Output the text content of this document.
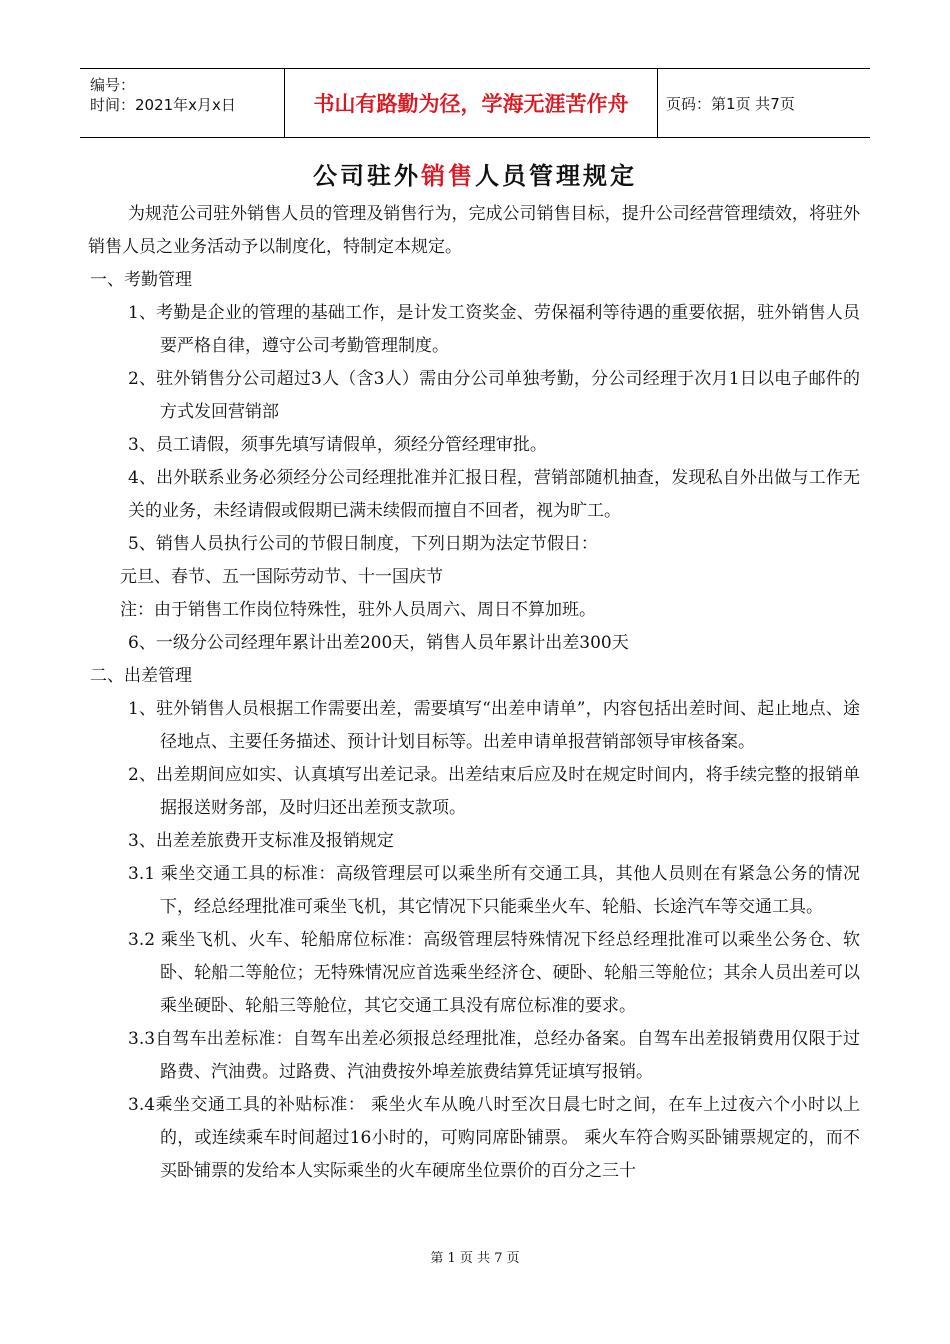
编号：
时间：2021年x月x日	书山有路勤为径，学海无涯苦作舟	页码：第1页 共7页
公司驻外销售人员管理规定

为规范公司驻外销售人员的管理及销售行为，完成公司销售目标，提升公司经营管理绩效，将驻外销售人员之业务活动予以制度化，特制定本规定。

一、考勤管理

1、考勤是企业的管理的基础工作，是计发工资奖金、劳保福利等待遇的重要依据，驻外销售人员要严格自律，遵守公司考勤管理制度。

2、驻外销售分公司超过3人（含3人）需由分公司单独考勤，分公司经理于次月1日以电子邮件的方式发回营销部

3、员工请假，须事先填写请假单，须经分管经理审批。

4、出外联系业务必须经分公司经理批准并汇报日程，营销部随机抽查，发现私自外出做与工作无关的业务，未经请假或假期已满未续假而擅自不回者，视为旷工。

5、销售人员执行公司的节假日制度，下列日期为法定节假日：

元旦、春节、五一国际劳动节、十一国庆节

注：由于销售工作岗位特殊性，驻外人员周六、周日不算加班。

6、一级分公司经理年累计出差200天，销售人员年累计出差300天

二、出差管理

1、驻外销售人员根据工作需要出差，需要填写“出差申请单”，内容包括出差时间、起止地点、途径地点、主要任务描述、预计计划目标等。出差申请单报营销部领导审核备案。

2、出差期间应如实、认真填写出差记录。出差结束后应及时在规定时间内，将手续完整的报销单据报送财务部，及时归还出差预支款项。

3、出差差旅费开支标准及报销规定

3.1 乘坐交通工具的标准：高级管理层可以乘坐所有交通工具，其他人员则在有紧急公务的情况下，经总经理批准可乘坐飞机，其它情况下只能乘坐火车、轮船、长途汽车等交通工具。

3.2 乘坐飞机、火车、轮船席位标准：高级管理层特殊情况下经总经理批准可以乘坐公务仓、软卧、轮船二等舱位；无特殊情况应首选乘坐经济仓、硬卧、轮船三等舱位；其余人员出差可以乘坐硬卧、轮船三等舱位，其它交通工具没有席位标准的要求。

3.3自驾车出差标准：自驾车出差必须报总经理批准，总经办备案。自驾车出差报销费用仅限于过路费、汽油费。过路费、汽油费按外埠差旅费结算凭证填写报销。

3.4乘坐交通工具的补贴标准： 乘坐火车从晚八时至次日晨七时之间，在车上过夜六个小时以上的，或连续乘车时间超过16小时的，可购同席卧铺票。 乘火车符合购买卧铺票规定的，而不买卧铺票的发给本人实际乘坐的火车硬席坐位票价的百分之三十

第 1 页 共 7 页
